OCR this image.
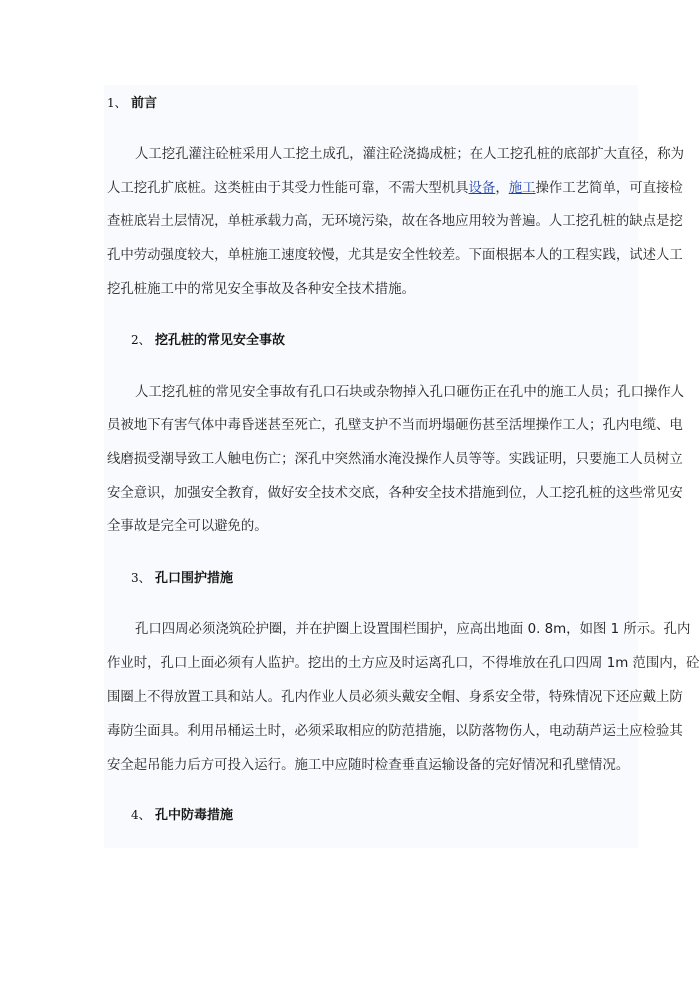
1、 前言
人工挖孔灌注砼桩采用人工挖土成孔，灌注砼浇捣成桩；在人工挖孔桩的底部扩大直径，称为
人工挖孔扩底桩。这类桩由于其受力性能可靠，不需大型机具设备，施工操作工艺简单，可直接检
查桩底岩土层情况，单桩承载力高，无环境污染，故在各地应用较为普遍。人工挖孔桩的缺点是挖
孔中劳动强度较大，单桩施工速度较慢，尤其是安全性较差。下面根据本人的工程实践，试述人工
挖孔桩施工中的常见安全事故及各种安全技术措施。
2、 挖孔桩的常见安全事故
人工挖孔桩的常见安全事故有孔口石块或杂物掉入孔口砸伤正在孔中的施工人员；孔口操作人
员被地下有害气体中毒昏迷甚至死亡，孔壁支护不当而坍塌砸伤甚至活埋操作工人；孔内电缆、电
线磨损受潮导致工人触电伤亡；深孔中突然涌水淹没操作人员等等。实践证明，只要施工人员树立
安全意识，加强安全教育，做好安全技术交底，各种安全技术措施到位，人工挖孔桩的这些常见安
全事故是完全可以避免的。
3、 孔口围护措施
孔口四周必须浇筑砼护圈，并在护圈上设置围栏围护，应高出地面 0. 8m，如图 1 所示。孔内
作业时，孔口上面必须有人监护。挖出的土方应及时运离孔口，不得堆放在孔口四周 1m 范围内，砼
围圈上不得放置工具和站人。孔内作业人员必须头戴安全帽、身系安全带，特殊情况下还应戴上防
毒防尘面具。利用吊桶运土时，必须采取相应的防范措施，以防落物伤人，电动葫芦运土应检验其
安全起吊能力后方可投入运行。施工中应随时检查垂直运输设备的完好情况和孔壁情况。
4、 孔中防毒措施
